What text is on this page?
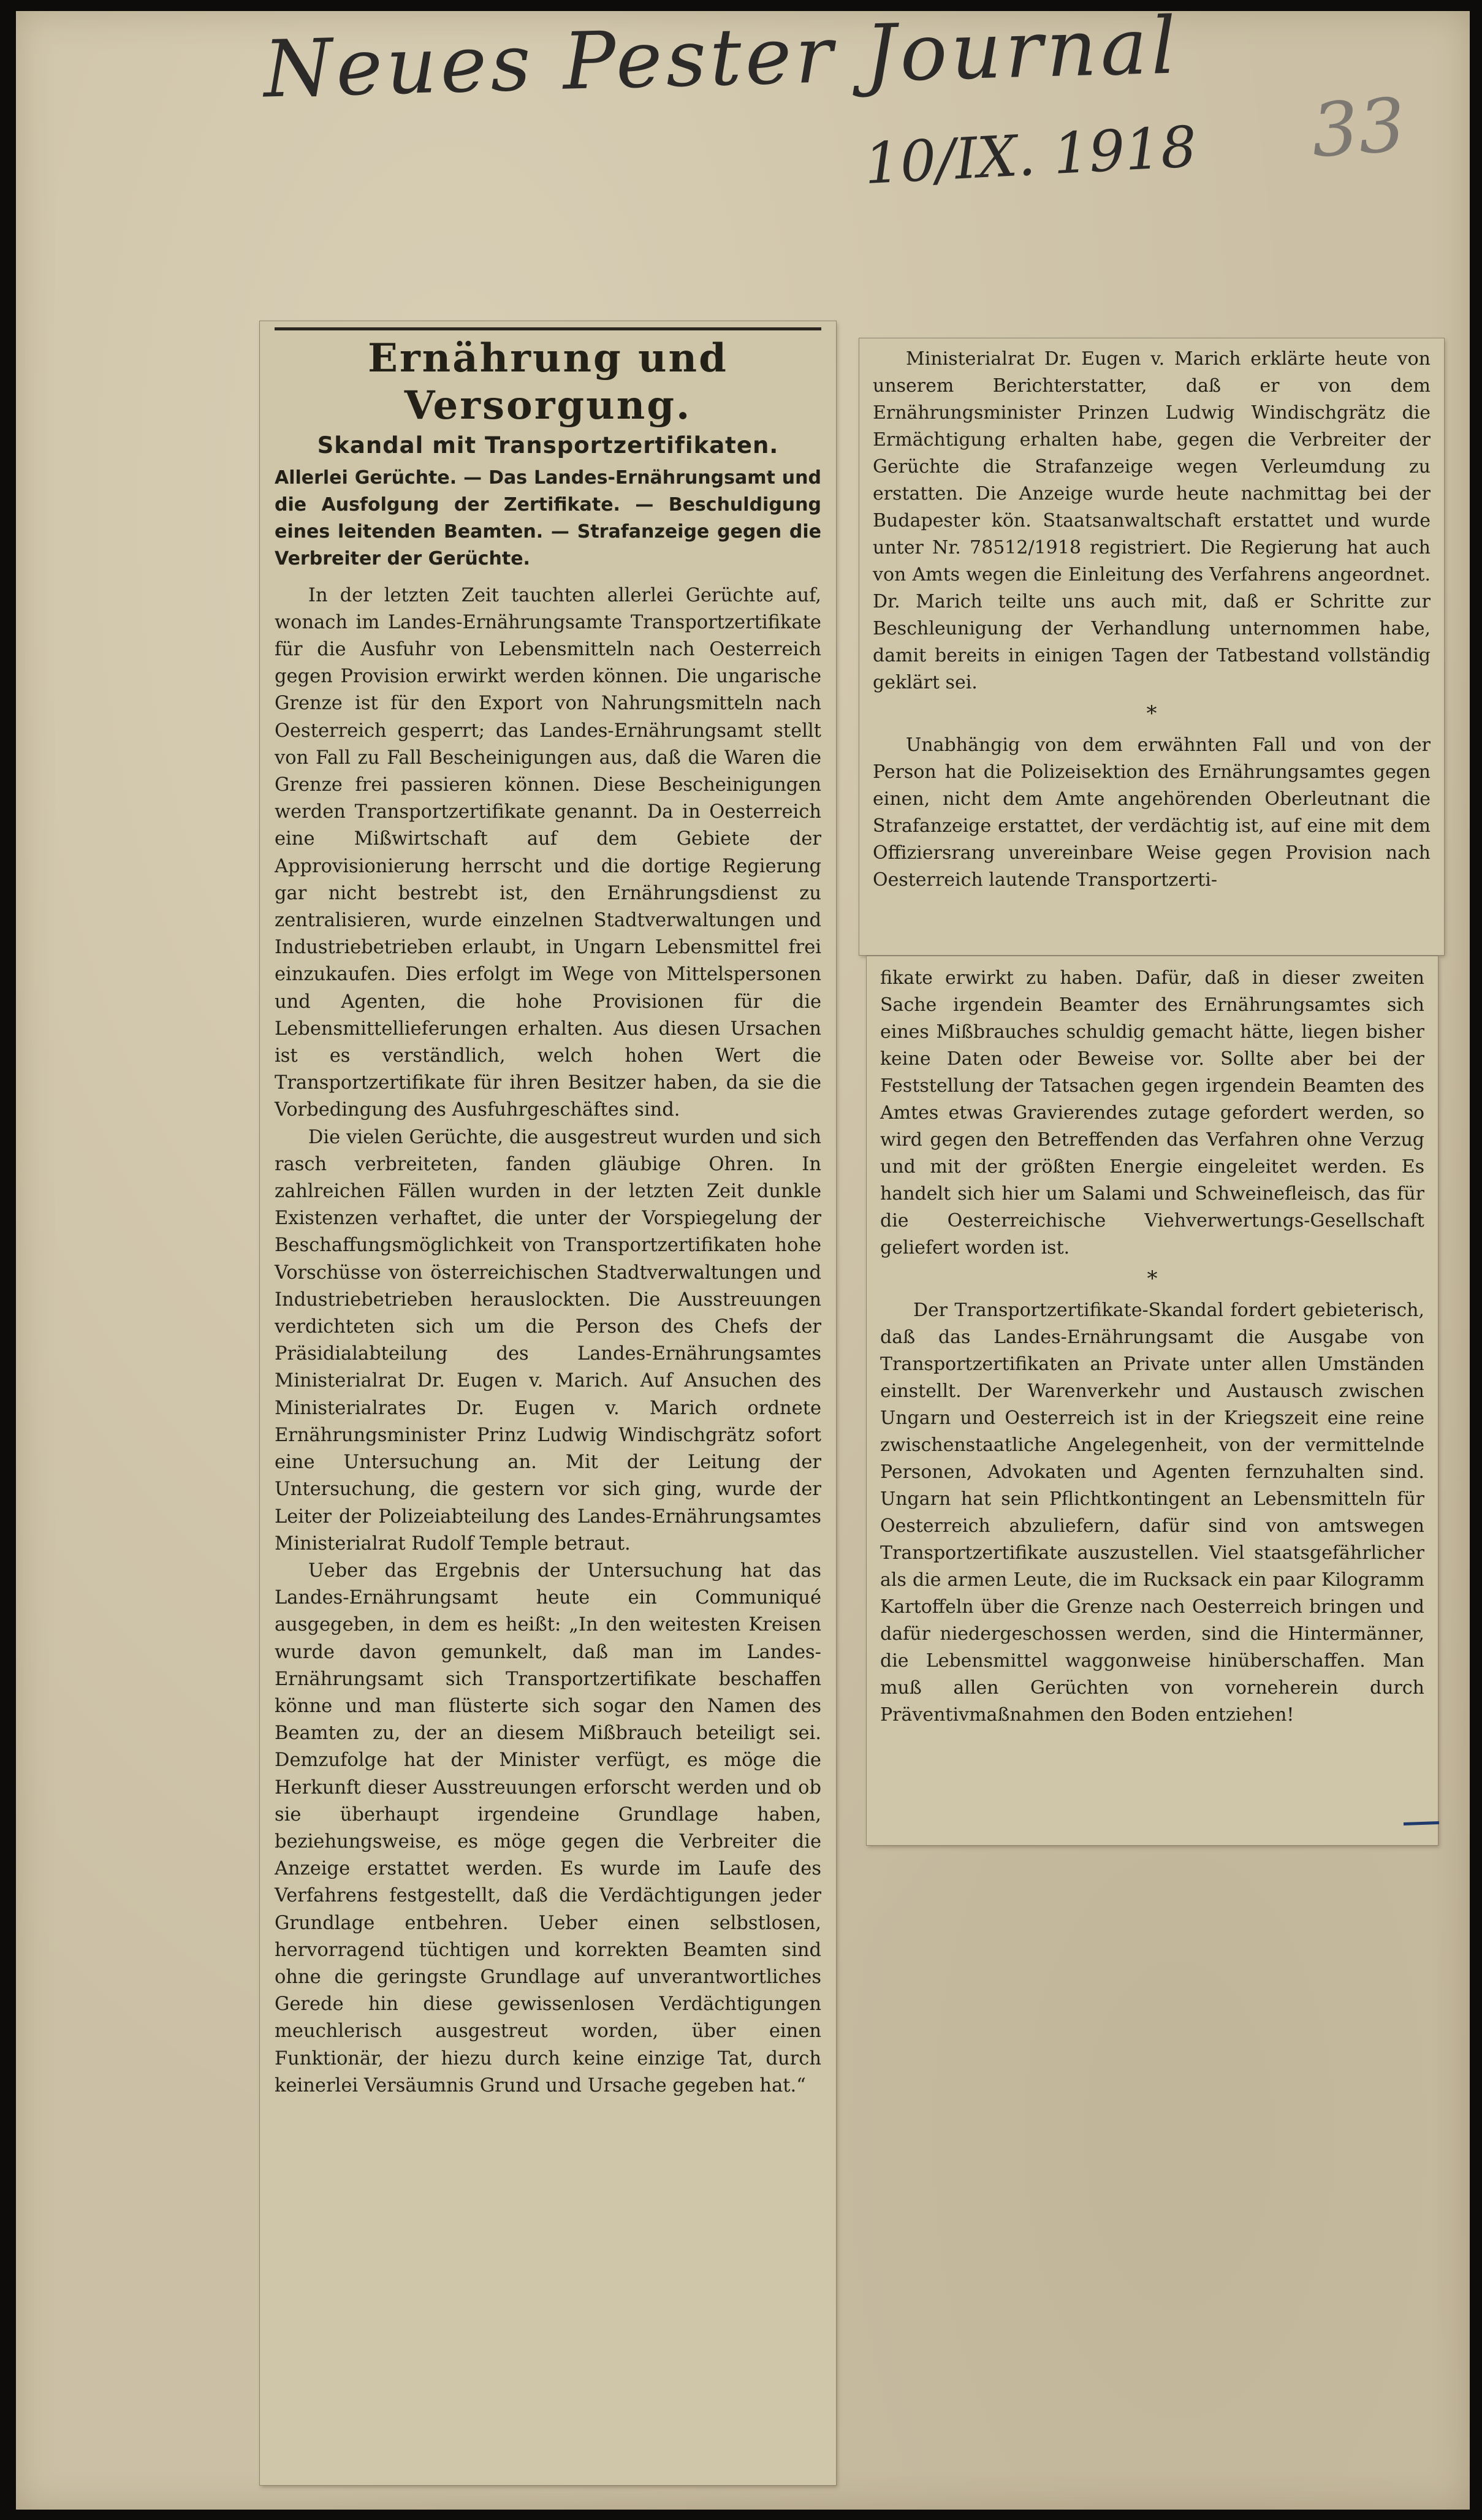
Neues Pester Journal
10/IX. 1918 33
Ernährung und Versorgung.
Skandal mit Transportzertifikaten.
Allerlei Gerüchte. — Das Landes-Ernährungsamt und die Ausfolgung der Zertifikate. — Beschuldigung eines leitenden Beamten. — Strafanzeige gegen die Verbreiter der Gerüchte.

In der letzten Zeit tauchten allerlei Gerüchte auf, wonach im Landes-Ernährungsamte Transportzertifikate für die Ausfuhr von Lebensmitteln nach Oesterreich gegen Provision erwirkt werden können. Die ungarische Grenze ist für den Export von Nahrungsmitteln nach Oesterreich gesperrt; das Landes-Ernährungsamt stellt von Fall zu Fall Bescheinigungen aus, daß die Waren die Grenze frei passieren können. Diese Bescheinigungen werden Transportzertifikate genannt. Da in Oesterreich eine Mißwirtschaft auf dem Gebiete der Approvisionierung herrscht und die dortige Regierung gar nicht bestrebt ist, den Ernährungsdienst zu zentralisieren, wurde einzelnen Stadtverwaltungen und Industriebetrieben erlaubt, in Ungarn Lebensmittel frei einzukaufen. Dies erfolgt im Wege von Mittelspersonen und Agenten, die hohe Provisionen für die Lebensmittellieferungen erhalten. Aus diesen Ursachen ist es verständlich, welch hohen Wert die Transportzertifikate für ihren Besitzer haben, da sie die Vorbedingung des Ausfuhrgeschäftes sind.

Die vielen Gerüchte, die ausgestreut wurden und sich rasch verbreiteten, fanden gläubige Ohren. In zahlreichen Fällen wurden in der letzten Zeit dunkle Existenzen verhaftet, die unter der Vorspiegelung der Beschaffungsmöglichkeit von Transportzertifikaten hohe Vorschüsse von österreichischen Stadtverwaltungen und Industriebetrieben herauslockten. Die Ausstreuungen verdichteten sich um die Person des Chefs der Präsidialabteilung des Landes-Ernährungsamtes Ministerialrat Dr. Eugen v. Marich. Auf Ansuchen des Ministerialrates Dr. Eugen v. Marich ordnete Ernährungsminister Prinz Ludwig Windischgrätz sofort eine Untersuchung an. Mit der Leitung der Untersuchung, die gestern vor sich ging, wurde der Leiter der Polizeiabteilung des Landes-Ernährungsamtes Ministerialrat Rudolf Temple betraut.

Ueber das Ergebnis der Untersuchung hat das Landes-Ernährungsamt heute ein Communiqué ausgegeben, in dem es heißt: „In den weitesten Kreisen wurde davon gemunkelt, daß man im Landes-Ernährungsamt sich Transportzertifikate beschaffen könne und man flüsterte sich sogar den Namen des Beamten zu, der an diesem Mißbrauch beteiligt sei. Demzufolge hat der Minister verfügt, es möge die Herkunft dieser Ausstreuungen erforscht werden und ob sie überhaupt irgendeine Grundlage haben, beziehungsweise, es möge gegen die Verbreiter die Anzeige erstattet werden. Es wurde im Laufe des Verfahrens festgestellt, daß die Verdächtigungen jeder Grundlage entbehren. Ueber einen selbstlosen, hervorragend tüchtigen und korrekten Beamten sind ohne die geringste Grundlage auf unverantwortliches Gerede hin diese gewissenlosen Verdächtigungen meuchlerisch ausgestreut worden, über einen Funktionär, der hiezu durch keine einzige Tat, durch keinerlei Versäumnis Grund und Ursache gegeben hat.“

Ministerialrat Dr. Eugen v. Marich erklärte heute von unserem Berichterstatter, daß er von dem Ernährungsminister Prinzen Ludwig Windischgrätz die Ermächtigung erhalten habe, gegen die Verbreiter der Gerüchte die Strafanzeige wegen Verleumdung zu erstatten. Die Anzeige wurde heute nachmittag bei der Budapester kön. Staatsanwaltschaft erstattet und wurde unter Nr. 78512/1918 registriert. Die Regierung hat auch von Amts wegen die Einleitung des Verfahrens angeordnet. Dr. Marich teilte uns auch mit, daß er Schritte zur Beschleunigung der Verhandlung unternommen habe, damit bereits in einigen Tagen der Tatbestand vollständig geklärt sei.

*

Unabhängig von dem erwähnten Fall und von der Person hat die Polizeisektion des Ernährungsamtes gegen einen, nicht dem Amte angehörenden Oberleutnant die Strafanzeige erstattet, der verdächtig ist, auf eine mit dem Offiziersrang unvereinbare Weise gegen Provision nach Oesterreich lautende Transportzerti-

fikate erwirkt zu haben. Dafür, daß in dieser zweiten Sache irgendein Beamter des Ernährungsamtes sich eines Mißbrauches schuldig gemacht hätte, liegen bisher keine Daten oder Beweise vor. Sollte aber bei der Feststellung der Tatsachen gegen irgendein Beamten des Amtes etwas Gravierendes zutage gefordert werden, so wird gegen den Betreffenden das Verfahren ohne Verzug und mit der größten Energie eingeleitet werden. Es handelt sich hier um Salami und Schweinefleisch, das für die Oesterreichische Viehverwertungs-Gesellschaft geliefert worden ist.

*

Der Transportzertifikate-Skandal fordert gebieterisch, daß das Landes-Ernährungsamt die Ausgabe von Transportzertifikaten an Private unter allen Umständen einstellt. Der Warenverkehr und Austausch zwischen Ungarn und Oesterreich ist in der Kriegszeit eine reine zwischenstaatliche Angelegenheit, von der vermittelnde Personen, Advokaten und Agenten fernzuhalten sind. Ungarn hat sein Pflichtkontingent an Lebensmitteln für Oesterreich abzuliefern, dafür sind von amtswegen Transportzertifikate auszustellen. Viel staatsgefährlicher als die armen Leute, die im Rucksack ein paar Kilogramm Kartoffeln über die Grenze nach Oesterreich bringen und dafür niedergeschossen werden, sind die Hintermänner, die Lebensmittel waggonweise hinüberschaffen. Man muß allen Gerüchten von vorneherein durch Präventivmaßnahmen den Boden entziehen!
